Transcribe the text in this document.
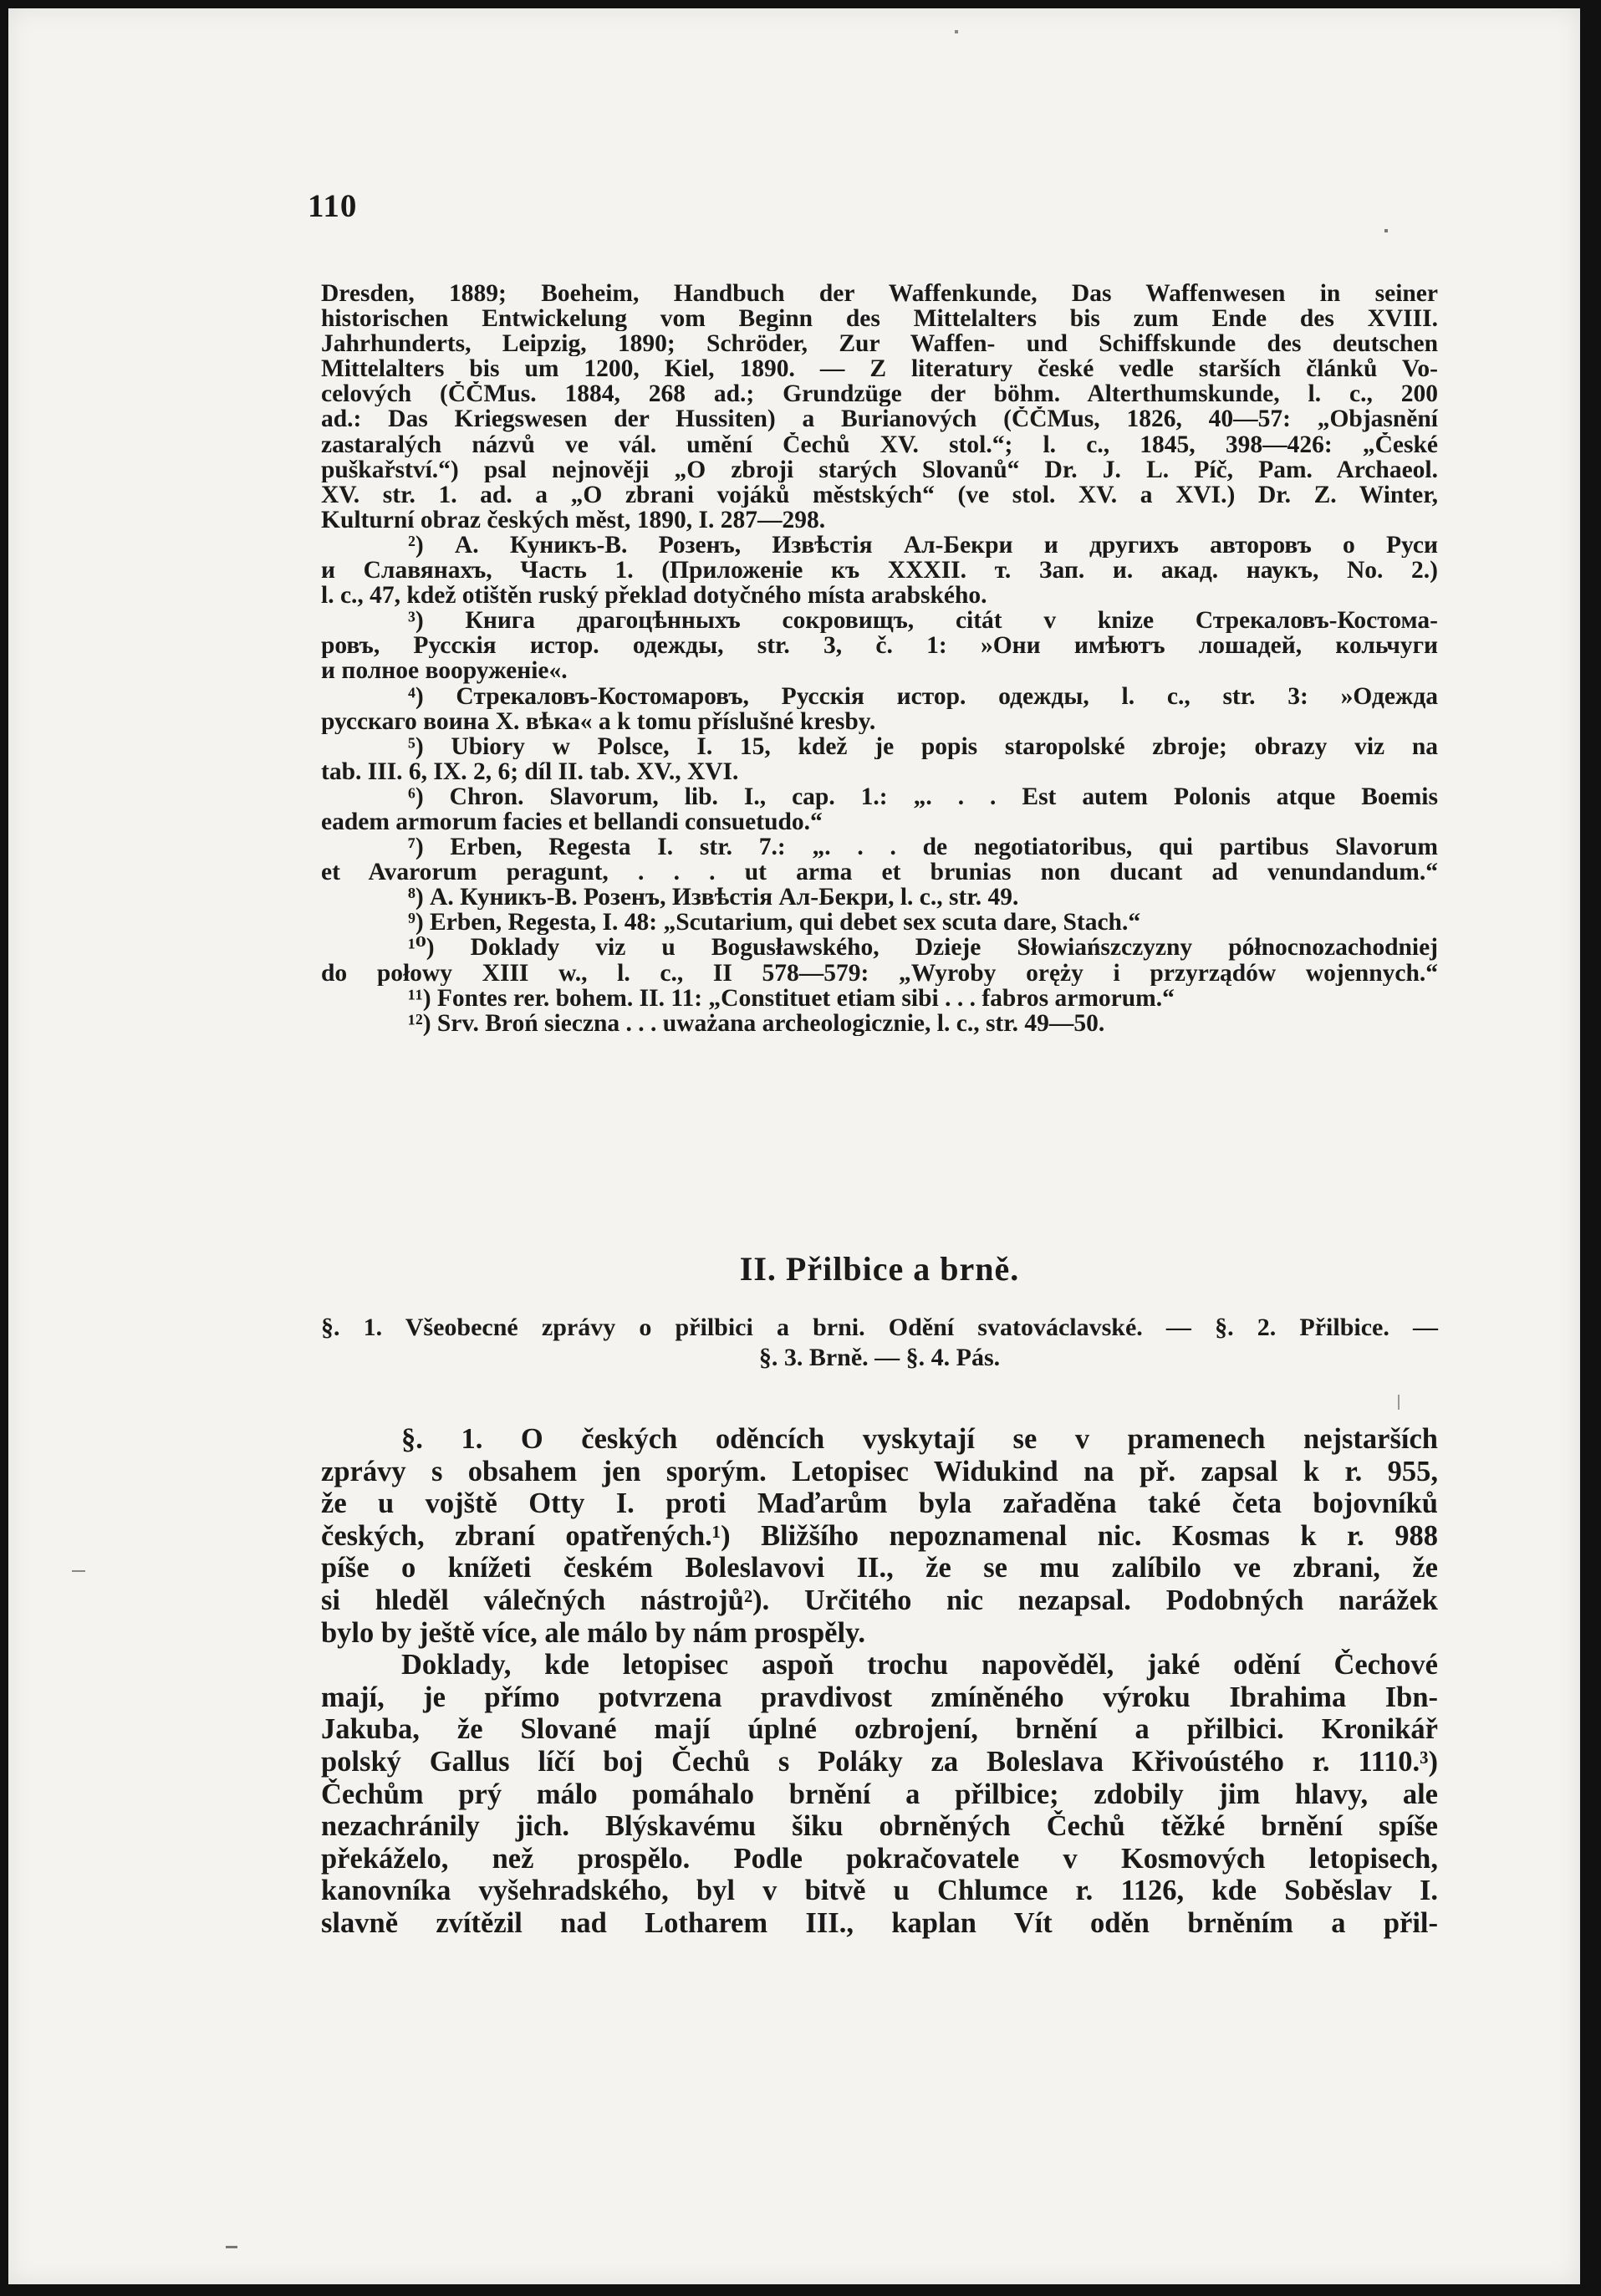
110
Dresden, 1889; Boeheim, Handbuch der Waffenkunde, Das Waffenwesen in seiner
historischen Entwickelung vom Beginn des Mittelalters bis zum Ende des XVIII.
Jahrhunderts, Leipzig, 1890; Schröder, Zur Waffen- und Schiffskunde des deutschen
Mittelalters bis um 1200, Kiel, 1890. — Z literatury české vedle starších článků Vo-
celových (ČČMus. 1884, 268 ad.; Grundzüge der böhm. Alterthumskunde, l. c., 200
ad.: Das Kriegswesen der Hussiten) a Burianových (ČČMus, 1826, 40—57: „Objasnění
zastaralých názvů ve vál. umění Čechů XV. stol.“; l. c., 1845, 398—426: „České
puškařství.“) psal nejnověji „O zbroji starých Slovanů“ Dr. J. L. Píč, Pam. Archaeol.
XV. str. 1. ad. a „O zbrani vojáků městských“ (ve stol. XV. a XVI.) Dr. Z. Winter,
Kulturní obraz českých měst, 1890, I. 287—298.
²) А. Куникъ-В. Розенъ, Извѣстія Ал-Бекри и другихъ авторовъ о Руси
и Славянахъ, Часть 1. (Приложеніе къ XXXII. т. Зап. и. акад. наукъ, No. 2.)
l. c., 47, kdež otištěn ruský překlad dotyčného místa arabského.
³) Книга драгоцѣнныхъ сокровищъ, citát v knize Стрекаловъ-Костома-
ровъ, Русскія истор. одежды, str. 3, č. 1: »Они имѣютъ лошадей, кольчуги
и полное вооруженіе«.
⁴) Стрекаловъ-Костомаровъ, Русскія истор. одежды, l. c., str. 3: »Одежда
русскаго воина X. вѣка« a k tomu příslušné kresby.
⁵) Ubiory w Polsce, I. 15, kdež je popis staropolské zbroje; obrazy viz na
tab. III. 6, IX. 2, 6; díl II. tab. XV., XVI.
⁶) Chron. Slavorum, lib. I., cap. 1.: „. . . Est autem Polonis atque Boemis
eadem armorum facies et bellandi consuetudo.“
⁷) Erben, Regesta I. str. 7.: „. . . de negotiatoribus, qui partibus Slavorum
et Avarorum peragunt, . . . ut arma et brunias non ducant ad venundandum.“
⁸) А. Куникъ-В. Розенъ, Извѣстія Ал-Бекри, l. c., str. 49.
⁹) Erben, Regesta, I. 48: „Scutarium, qui debet sex scuta dare, Stach.“
¹⁰) Doklady viz u Bogusławského, Dzieje Słowiańszczyzny północnozachodniej
do połowy XIII w., l. c., II 578—579: „Wyroby oręży i przyrządów wojennych.“
¹¹) Fontes rer. bohem. II. 11: „Constituet etiam sibi . . . fabros armorum.“
¹²) Srv. Broń sieczna . . . uważana archeologicznie, l. c., str. 49—50.
II. Přilbice a brně.
§. 1. Všeobecné zprávy o přilbici a brni. Odění svatováclavské. — §. 2. Přilbice. —
§. 3. Brně. — §. 4. Pás.
§. 1. O českých oděncích vyskytají se v pramenech nejstarších
zprávy s obsahem jen sporým. Letopisec Widukind na př. zapsal k r. 955,
že u vojště Otty I. proti Maďarům byla zařaděna také četa bojovníků
českých, zbraní opatřených.¹) Bližšího nepoznamenal nic. Kosmas k r. 988
píše o knížeti českém Boleslavovi II., že se mu zalíbilo ve zbrani, že
si hleděl válečných nástrojů²). Určitého nic nezapsal. Podobných narážek
bylo by ještě více, ale málo by nám prospěly.
Doklady, kde letopisec aspoň trochu napověděl, jaké odění Čechové
mají, je přímo potvrzena pravdivost zmíněného výroku Ibrahima Ibn-
Jakuba, že Slované mají úplné ozbrojení, brnění a přilbici. Kronikář
polský Gallus líčí boj Čechů s Poláky za Boleslava Křivoústého r. 1110.³)
Čechům prý málo pomáhalo brnění a přilbice; zdobily jim hlavy, ale
nezachránily jich. Blýskavému šiku obrněných Čechů těžké brnění spíše
překáželo, než prospělo. Podle pokračovatele v Kosmových letopisech,
kanovníka vyšehradského, byl v bitvě u Chlumce r. 1126, kde Soběslav I.
slavně zvítězil nad Lotharem III., kaplan Vít oděn brněním a přil-
